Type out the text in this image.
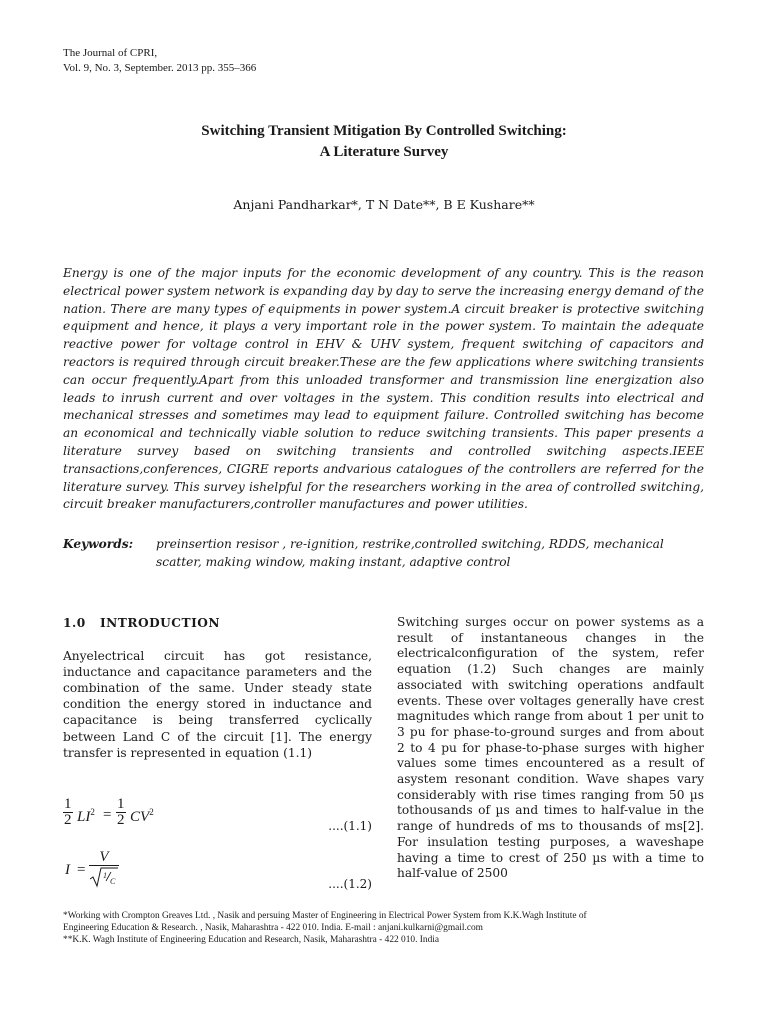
The Journal of CPRI,
Vol. 9, No. 3, September. 2013 pp. 355–366
Switching Transient Mitigation By Controlled Switching:
A Literature Survey
Anjani Pandharkar*, T N Date**, B E Kushare**
Energy is one of the major inputs for the economic development of any country. This is the reason electrical power system network is expanding day by day to serve the increasing energy demand of the nation. There are many types of equipments in power system.A circuit breaker is protective switching equipment and hence, it plays a very important role in the power system. To maintain the adequate reactive power for voltage control in EHV & UHV system, frequent switching of capacitors and reactors is required through circuit breaker.These are the few applications where switching transients can occur frequently.Apart from this unloaded transformer and transmission line energization also leads to inrush current and over voltages in the system. This condition results into electrical and mechanical stresses and sometimes may lead to equipment failure. Controlled switching has become an economical and technically viable solution to reduce switching transients. This paper presents a literature survey based on switching transients and controlled switching aspects.IEEE transactions,conferences, CIGRE reports andvarious catalogues of the controllers are referred for the literature survey. This survey ishelpful for the researchers working in the area of controlled switching, circuit breaker manufacturers,controller manufactures and power utilities.
Keywords: preinsertion resisor , re-ignition, restrike,controlled switching, RDDS, mechanical scatter, making window, making instant, adaptive control
1.0 INTRODUCTION
Anyelectrical circuit has got resistance, inductance and capacitance parameters and the combination of the same. Under steady state condition the energy stored in inductance and capacitance is being transferred cyclically between Land C of the circuit [1]. The energy transfer is represented in equation (1.1)
$\frac{1}{2} LI^2 = \frac{1}{2} CV^2$
....(1.1)
I =
V
1
C	....(1.2)
Switching surges occur on power systems as a result of instantaneous changes in the electricalconfiguration of the system, refer equation (1.2) Such changes are mainly associated with switching operations andfault events. These over voltages generally have crest magnitudes which range from about 1 per unit to 3 pu for phase-to-ground surges and from about 2 to 4 pu for phase-to-phase surges with higher values some times encountered as a result of asystem resonant condition. Wave shapes vary considerably with rise times ranging from 50 µs tothousands of µs and times to half-value in the range of hundreds of ms to thousands of ms[2]. For insulation testing purposes, a waveshape having a time to crest of 250 µs with a time to half-value of 2500
*Working with Crompton Greaves Ltd. , Nasik and persuing Master of Engineering in Electrical Power System from K.K.Wagh Institute of
Engineering Education & Research. , Nasik, Maharashtra - 422 010. India. E-mail : anjani.kulkarni@gmail.com
**K.K. Wagh Institute of Engineering Education and Research, Nasik, Maharashtra - 422 010. India
